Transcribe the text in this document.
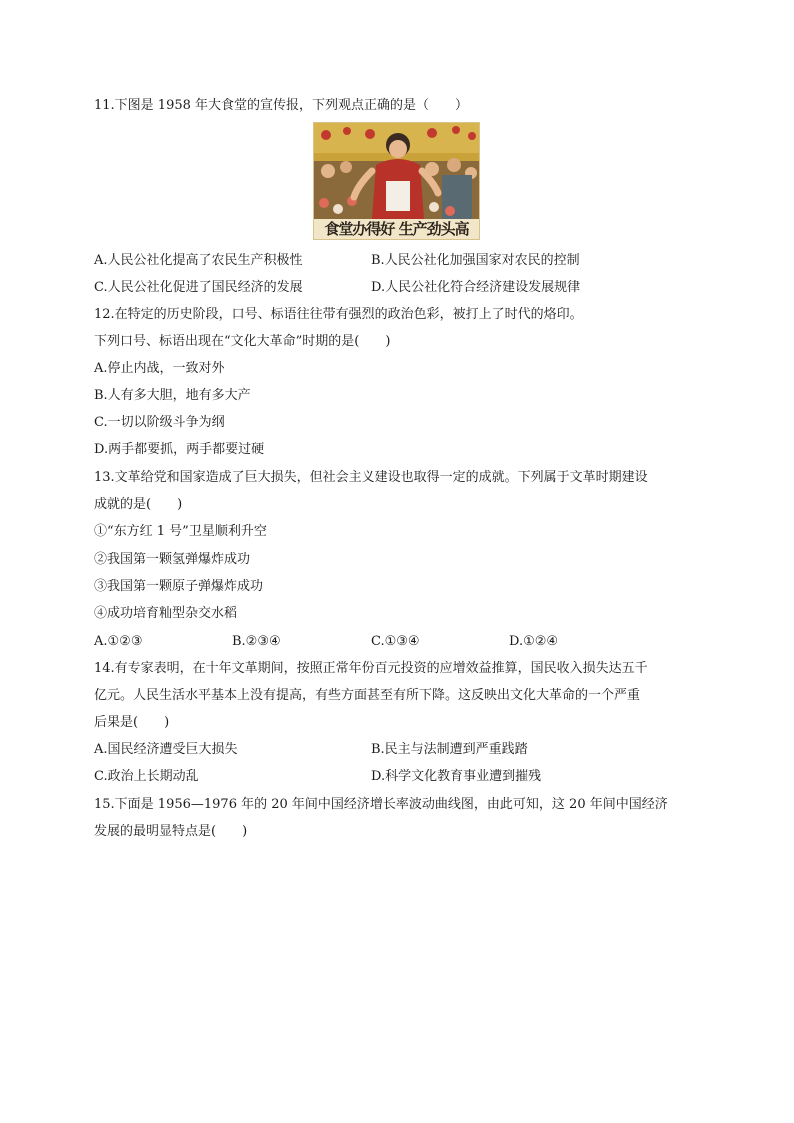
11.下图是 1958 年大食堂的宣传报，下列观点正确的是（　　）
食堂办得好 生产劲头高
A.人民公社化提高了农民生产积极性	B.人民公社化加强国家对农民的控制
C.人民公社化促进了国民经济的发展	D.人民公社化符合经济建设发展规律
12.在特定的历史阶段，口号、标语往往带有强烈的政治色彩，被打上了时代的烙印。
下列口号、标语出现在“文化大革命”时期的是(　　)
A.停止内战，一致对外
B.人有多大胆，地有多大产
C.一切以阶级斗争为纲
D.两手都要抓，两手都要过硬
13.文革给党和国家造成了巨大损失，但社会主义建设也取得一定的成就。下列属于文革时期建设
成就的是(　　)
①“东方红 1 号”卫星顺利升空
②我国第一颗氢弹爆炸成功
③我国第一颗原子弹爆炸成功
④成功培育籼型杂交水稻
A.①②③	B.②③④	C.①③④	D.①②④
14.有专家表明，在十年文革期间，按照正常年份百元投资的应增效益推算，国民收入损失达五千
亿元。人民生活水平基本上没有提高，有些方面甚至有所下降。这反映出文化大革命的一个严重
后果是(　　)
A.国民经济遭受巨大损失	B.民主与法制遭到严重践踏
C.政治上长期动乱	D.科学文化教育事业遭到摧残
15.下面是 1956—1976 年的 20 年间中国经济增长率波动曲线图，由此可知，这 20 年间中国经济
发展的最明显特点是(　　)
